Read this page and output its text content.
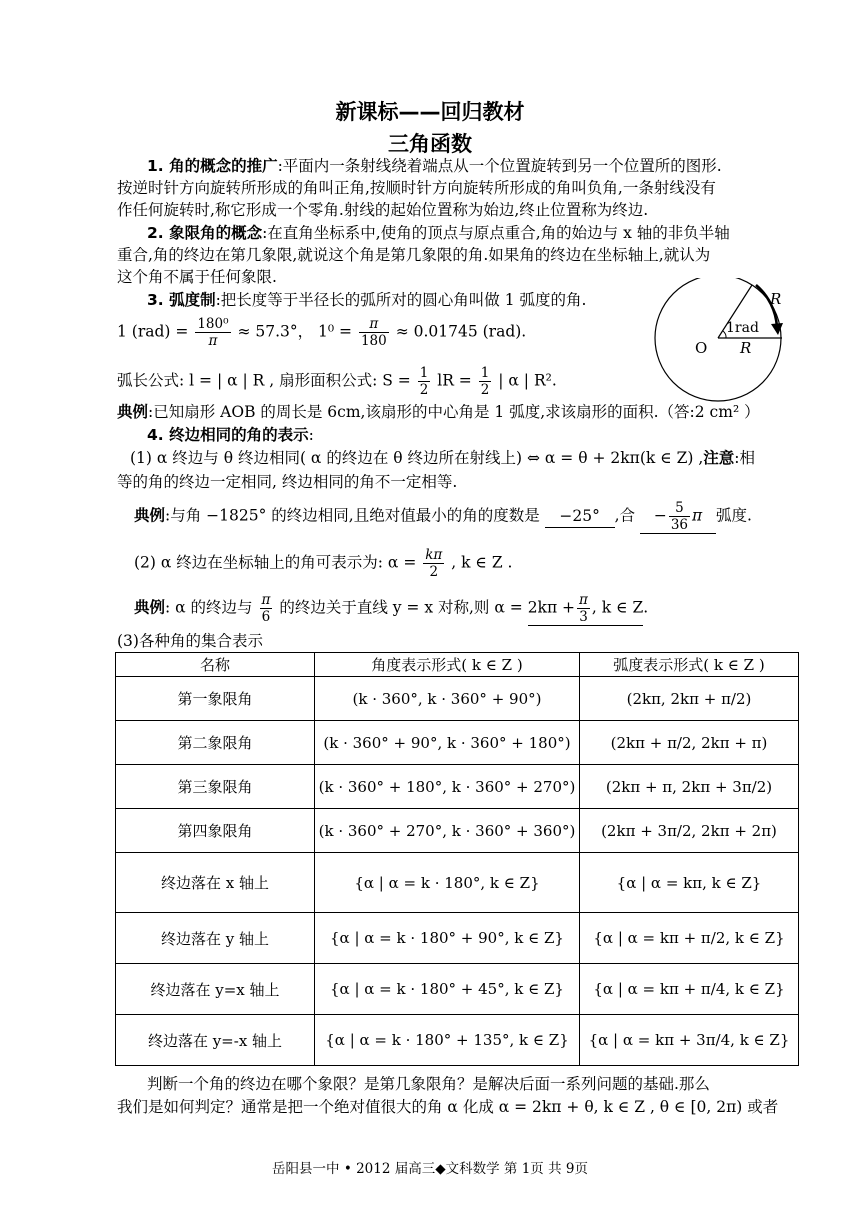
新课标——回归教材
三角函数
1. 角的概念的推广:平面内一条射线绕着端点从一个位置旋转到另一个位置所的图形.
按逆时针方向旋转所形成的角叫正角,按顺时针方向旋转所形成的角叫负角,一条射线没有
作任何旋转时,称它形成一个零角.射线的起始位置称为始边,终止位置称为终边.
2. 象限角的概念:在直角坐标系中,使角的顶点与原点重合,角的始边与 x 轴的非负半轴
重合,角的终边在第几象限,就说这个角是第几象限的角.如果角的终边在坐标轴上,就认为
这个角不属于任何象限.
3. 弧度制:把长度等于半径长的弧所对的圆心角叫做 1 弧度的角.
1 $(rad) = \frac{\text{180⁰}}{\pi} \approx 57.3^\circ$， $1^0 = \frac{\pi}{180} \approx 0.01745$ (rad).
弧长公式: l = | α | R , 扇形面积公式: $S = \frac{1}{2}$ lR = $\frac{1}{2}$ | α | R².
典例:已知扇形 AOB 的周长是 6cm,该扇形的中心角是 1 弧度,求该扇形的面积.（答:2 cm² ）
4. 终边相同的角的表示:
(1) α 终边与 θ 终边相同( α 的终边在 θ 终边所在射线上) ⇔ α = θ + 2kπ(k ∈ Z) ,注意:相
等的角的终边一定相同, 终边相同的角不一定相等.
典例:与角 −1825° 的终边相同,且绝对值最小的角的度数是 −25° ,合 − $\frac{5}{36}$ π 弧度.
(2) α 终边在坐标轴上的角可表示为: $\alpha = \frac{k\pi}{2}$ , k ∈ Z .
典例: α 的终边与 $\frac{\pi}{6}$ 的终边关于直线 y = x 对称,则 $\alpha = 2k\pi + \frac{\pi}{3}$ , k ∈ Z.
(3)各种角的集合表示
名称	角度表示形式( k ∈ Z )	弧度表示形式( k ∈ Z )
第一象限角	(k · 360°, k · 360° + 90°)	(2kπ, 2kπ + π/2)
第二象限角	(k · 360° + 90°, k · 360° + 180°)	(2kπ + π/2, 2kπ + π)
第三象限角	(k · 360° + 180°, k · 360° + 270°)	(2kπ + π, 2kπ + 3π/2)
第四象限角	(k · 360° + 270°, k · 360° + 360°)	(2kπ + 3π/2, 2kπ + 2π)
终边落在 x 轴上	{α | α = k · 180°, k ∈ Z}	{α | α = kπ, k ∈ Z}
终边落在 y 轴上	{α | α = k · 180° + 90°, k ∈ Z}	{α | α = kπ + π/2, k ∈ Z}
终边落在 y=x 轴上	{α | α = k · 180° + 45°, k ∈ Z}	{α | α = kπ + π/4, k ∈ Z}
终边落在 y=-x 轴上	{α | α = k · 180° + 135°, k ∈ Z}	{α | α = kπ + 3π/4, k ∈ Z}
判断一个角的终边在哪个象限？是第几象限角？是解决后面一系列问题的基础.那么
我们是如何判定？通常是把一个绝对值很大的角 α 化成 α = 2kπ + θ, k ∈ Z , θ ∈ [0, 2π) 或者
岳阳县一中 • 2012 届高三◆文科数学 第 1页 共 9页
R
1rad
O R
